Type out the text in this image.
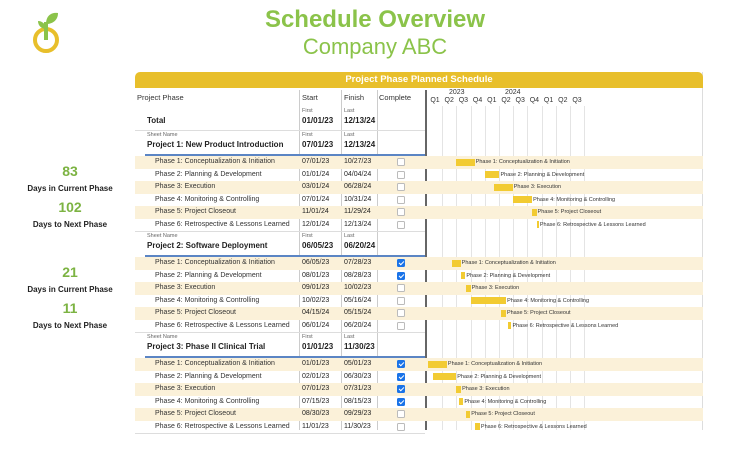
Schedule Overview
Company ABC
83
Days in Current Phase
102
Days to Next Phase
21
Days in Current Phase
11
Days to Next Phase
Project Phase Planned Schedule
Project Phase	Start	Finish Complete
2023	2024
Q1 Q2 Q3 Q4 Q1 Q2 Q3 Q4 Q1 Q2 Q3
Total
First
01/01/23
Last
12/13/24
Sheet Name
Project 1: New Product Introduction
First
07/01/23
Last
12/13/24
Phase 1: Conceptualization & Initiation	07/01/23 10/27/23	Phase 1: Conceptualization & Initiation
Phase 2: Planning & Development	01/01/24 04/04/24	Phase 2: Planning & Development
Phase 3: Execution	03/01/24 06/28/24	Phase 3: Execution
Phase 4: Monitoring & Controlling	07/01/24 10/31/24	Phase 4: Monitoring & Controlling
Phase 5: Project Closeout	11/01/24 11/29/24	Phase 5: Project Closeout
Phase 6: Retrospective & Lessons Learned 12/01/24 12/13/24	Phase 6: Retrospective & Lessons Learned
Sheet Name
Project 2: Software Deployment
First
06/05/23
Last
06/20/24
Phase 1: Conceptualization & Initiation	06/05/23 07/28/23	Phase 1: Conceptualization & Initiation
Phase 2: Planning & Development	08/01/23 08/28/23	Phase 2: Planning & Development
Phase 3: Execution	09/01/23 10/02/23	Phase 3: Execution
Phase 4: Monitoring & Controlling	10/02/23 05/16/24	Phase 4: Monitoring & Controlling
Phase 5: Project Closeout	04/15/24 05/15/24	Phase 5: Project Closeout
Phase 6: Retrospective & Lessons Learned 06/01/24 06/20/24	Phase 6: Retrospective & Lessons Learned
Sheet Name
Project 3: Phase II Clinical Trial
First
01/01/23
Last
11/30/23
Phase 1: Conceptualization & Initiation	01/01/23 05/01/23	Phase 1: Conceptualization & Initiation
Phase 2: Planning & Development	02/01/23 06/30/23	Phase 2: Planning & Development
Phase 3: Execution	07/01/23 07/31/23	Phase 3: Execution
Phase 4: Monitoring & Controlling	07/15/23 08/15/23	Phase 4: Monitoring & Controlling
Phase 5: Project Closeout	08/30/23 09/29/23	Phase 5: Project Closeout
Phase 6: Retrospective & Lessons Learned 11/01/23 11/30/23	Phase 6: Retrospective & Lessons Learned
